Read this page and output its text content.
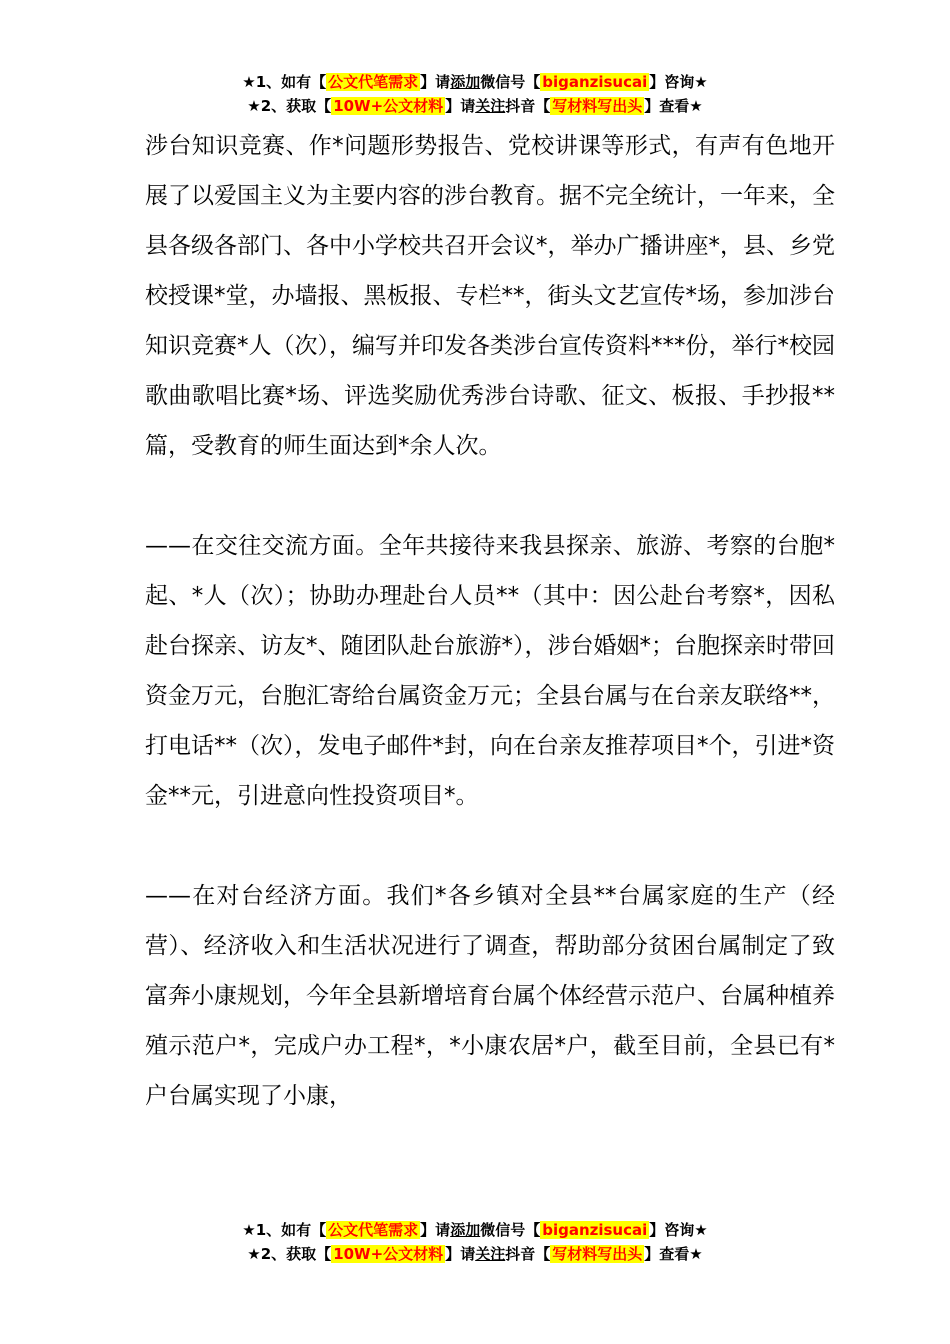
★1、如有【 公文代笔需求 】请添加微信号【 biganzisucai 】咨询★
★2、获取【 10W+公文材料 】请关注抖音【 写材料写出头 】查看★

涉台知识竞赛、作*问题形势报告、党校讲课等形式，有声有色地开展了以爱国主义为主要内容的涉台教育。据不完全统计，一年来，全县各级各部门、各中小学校共召开会议*，举办广播讲座*，县、乡党校授课*堂，办墙报、黑板报、专栏**，街头文艺宣传*场，参加涉台知识竞赛*人（次），编写并印发各类涉台宣传资料***份，举行*校园歌曲歌唱比赛*场、评选奖励优秀涉台诗歌、征文、板报、手抄报**篇，受教育的师生面达到*余人次。

——在交往交流方面。全年共接待来我县探亲、旅游、考察的台胞*起、*人（次）；协助办理赴台人员**（其中：因公赴台考察*，因私赴台探亲、访友*、随团队赴台旅游*），涉台婚姻*；台胞探亲时带回资金万元，台胞汇寄给台属资金万元；全县台属与在台亲友联络**，打电话**（次），发电子邮件*封，向在台亲友推荐项目*个，引进*资金**元，引进意向性投资项目*。

——在对台经济方面。我们*各乡镇对全县**台属家庭的生产（经营）、经济收入和生活状况进行了调查，帮助部分贫困台属制定了致富奔小康规划，今年全县新增培育台属个体经营示范户、台属种植养殖示范户*，完成户办工程*，*小康农居*户，截至目前，全县已有*户台属实现了小康，

★1、如有【 公文代笔需求 】请添加微信号【 biganzisucai 】咨询★
★2、获取【 10W+公文材料 】请关注抖音【 写材料写出头 】查看★
